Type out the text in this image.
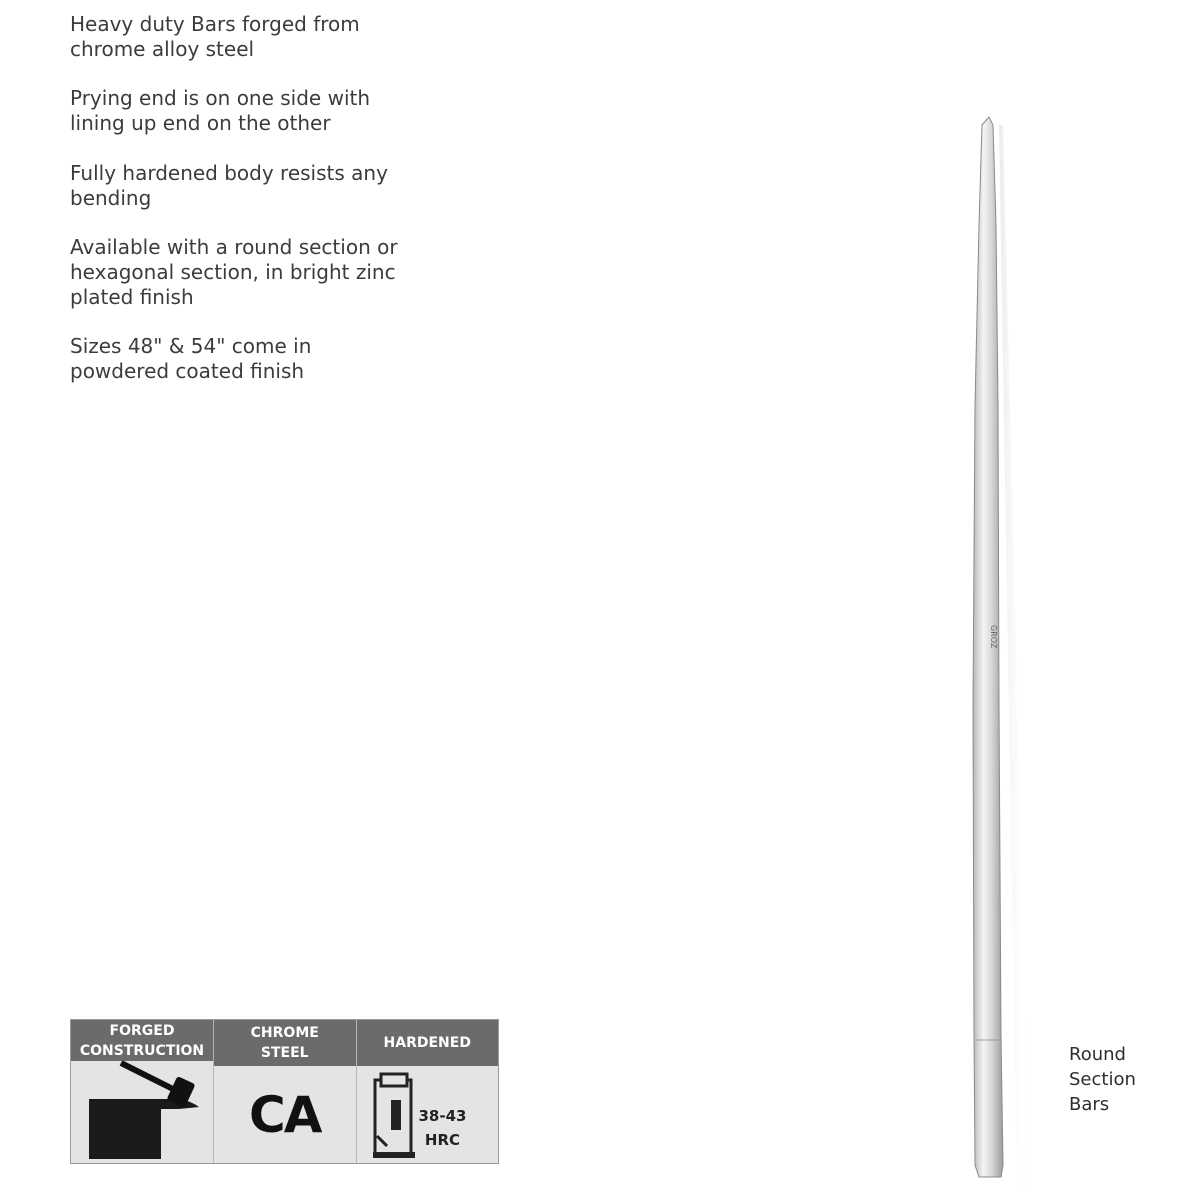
Heavy duty Bars forged from chrome alloy steel

Prying end is on one side with lining up end on the other

Fully hardened body resists any bending

Available with a round section or hexagonal section, in bright zinc plated finish

Sizes 48" & 54" come in powdered coated finish

FORGED
CONSTRUCTION
CHROME
STEEL
CA
HARDENED
38-43
HRC
GROZ
Round
Section
Bars
